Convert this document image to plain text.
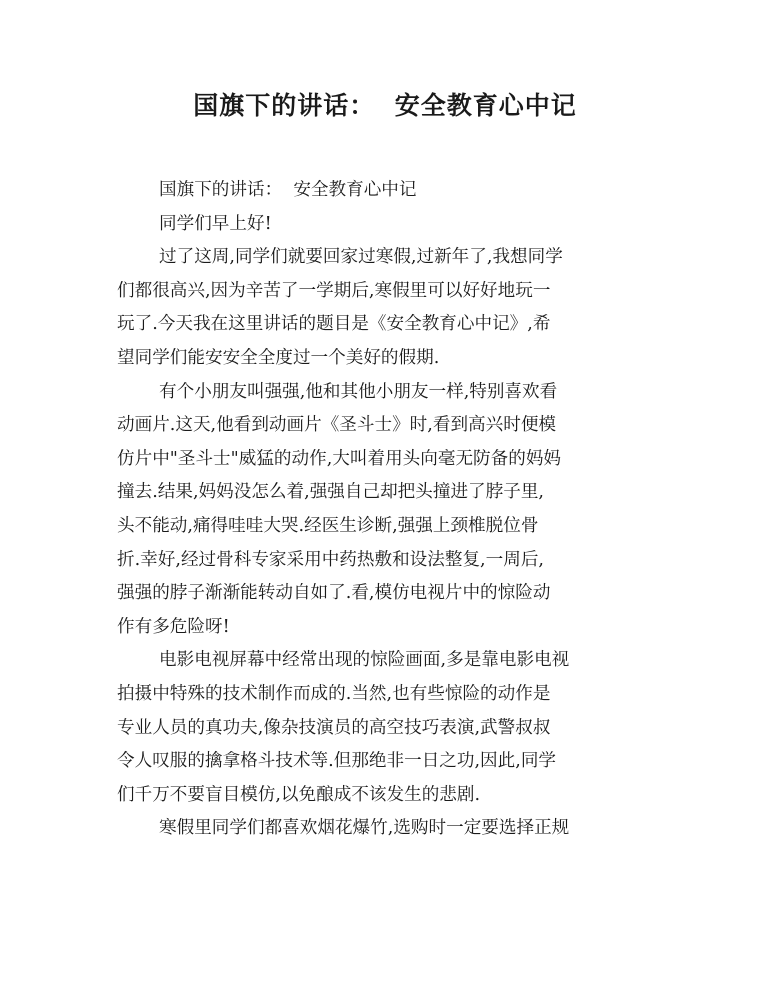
国旗下的讲话：  安全教育心中记
国旗下的讲话：  安全教育心中记
同学们早上好!
过了这周,同学们就要回家过寒假,过新年了,我想同学
们都很高兴,因为辛苦了一学期后,寒假里可以好好地玩一
玩了.今天我在这里讲话的题目是《安全教育心中记》,希
望同学们能安安全全度过一个美好的假期.
有个小朋友叫强强,他和其他小朋友一样,特别喜欢看
动画片.这天,他看到动画片《圣斗士》时,看到高兴时便模
仿片中"圣斗士"威猛的动作,大叫着用头向毫无防备的妈妈
撞去.结果,妈妈没怎么着,强强自己却把头撞进了脖子里,
头不能动,痛得哇哇大哭.经医生诊断,强强上颈椎脱位骨
折.幸好,经过骨科专家采用中药热敷和设法整复,一周后,
强强的脖子渐渐能转动自如了.看,模仿电视片中的惊险动
作有多危险呀!
电影电视屏幕中经常出现的惊险画面,多是靠电影电视
拍摄中特殊的技术制作而成的.当然,也有些惊险的动作是
专业人员的真功夫,像杂技演员的高空技巧表演,武警叔叔
令人叹服的擒拿格斗技术等.但那绝非一日之功,因此,同学
们千万不要盲目模仿,以免酿成不该发生的悲剧.
寒假里同学们都喜欢烟花爆竹,选购时一定要选择正规
